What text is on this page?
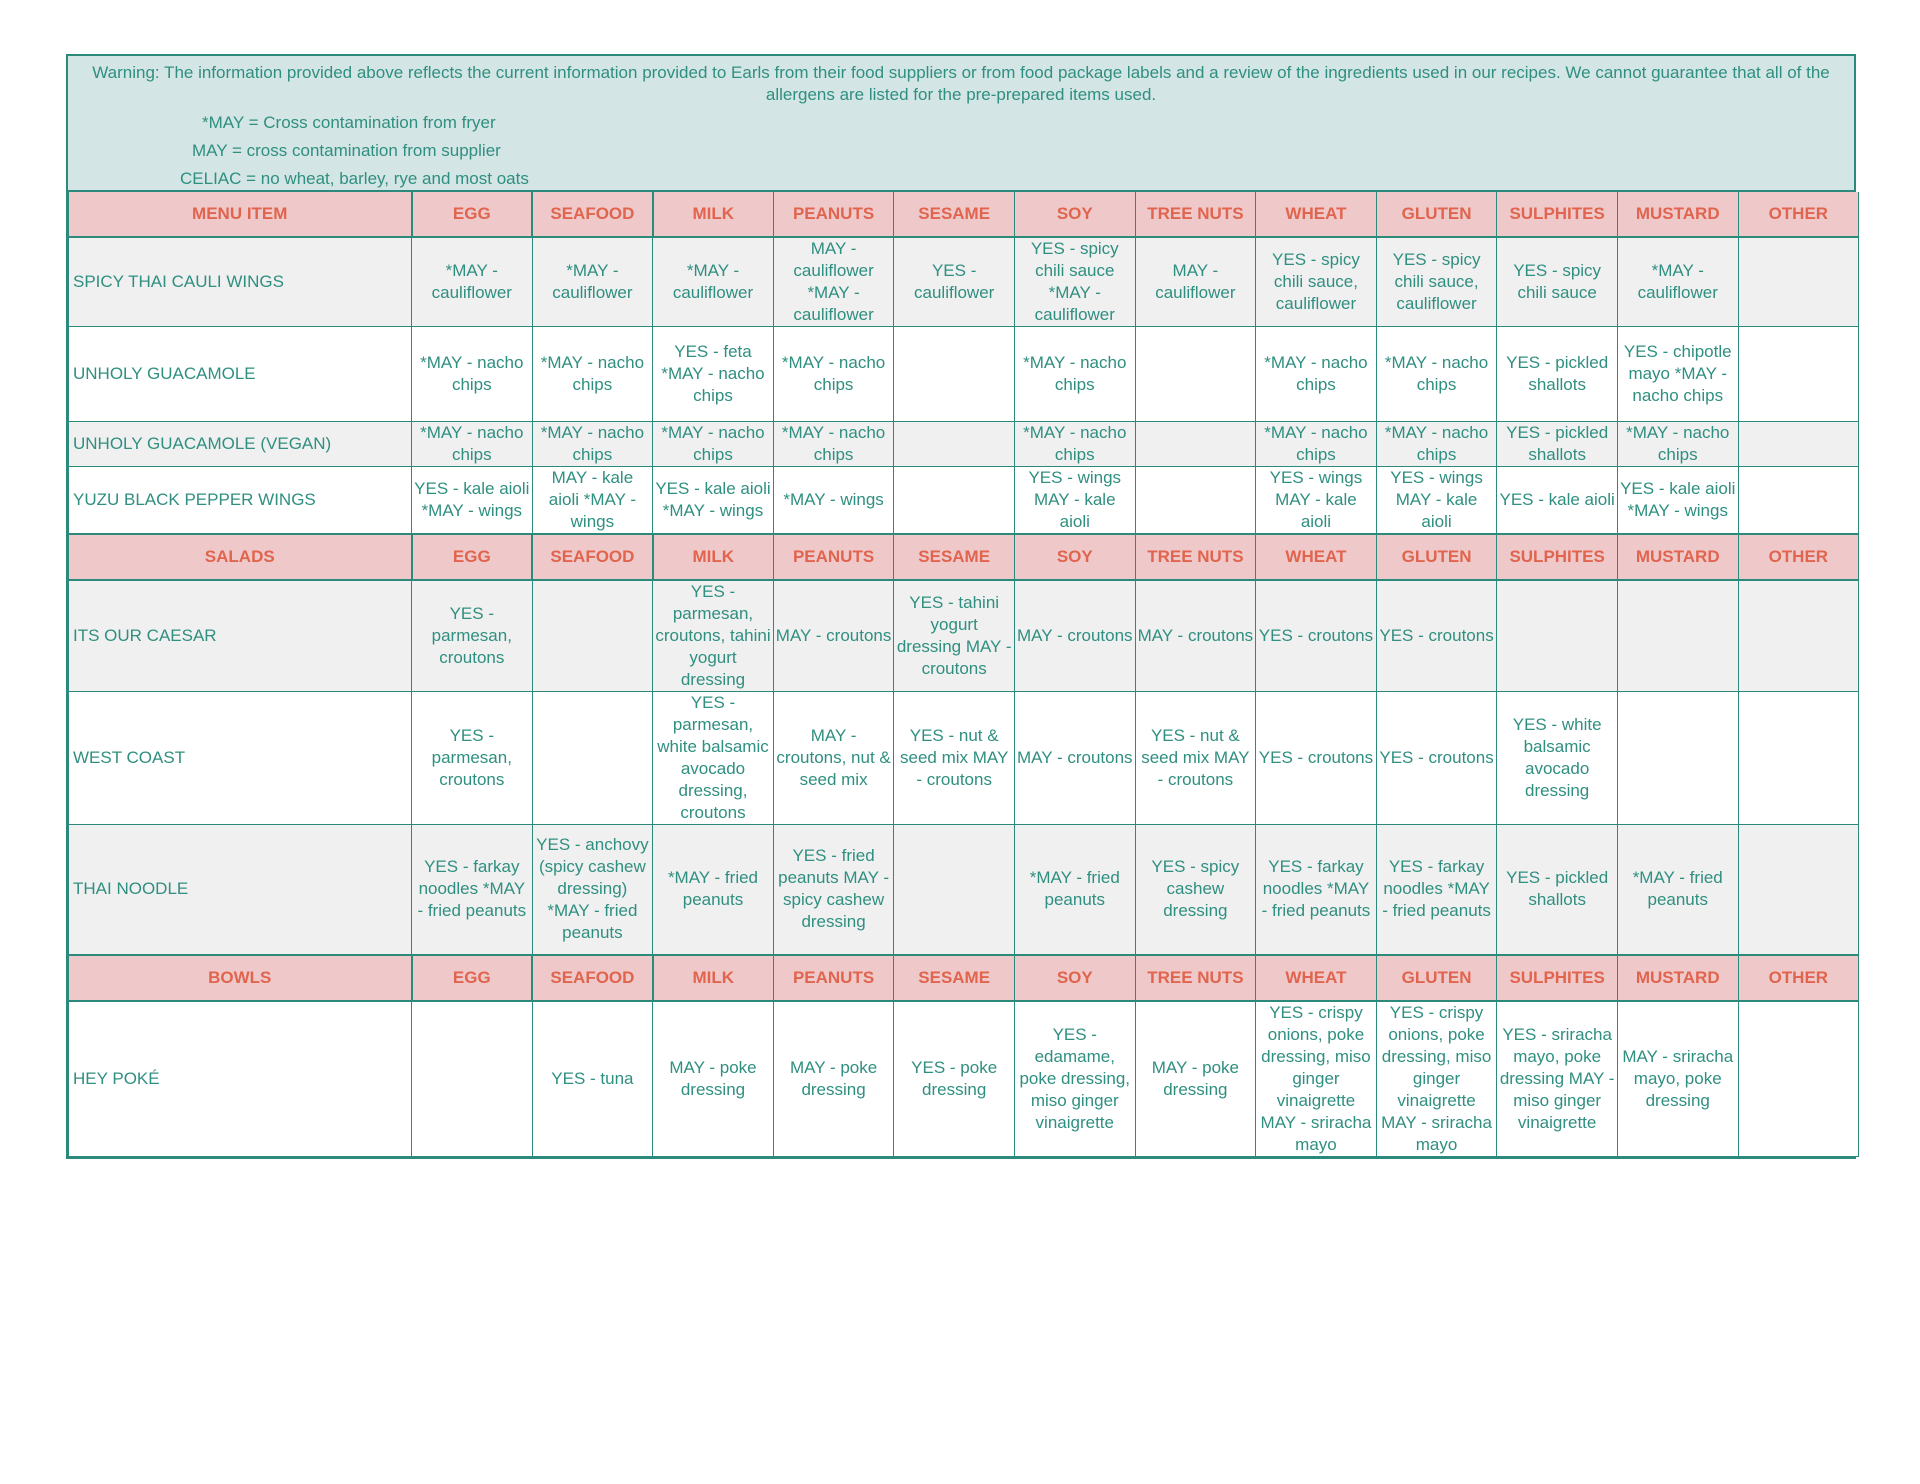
Warning: The information provided above reflects the current information provided to Earls from their food suppliers or from food package labels and a review of the ingredients used in our recipes. We cannot guarantee that all of the allergens are listed for the pre-prepared items used.
*MAY = Cross contamination from fryer
MAY = cross contamination from supplier
CELIAC = no wheat, barley, rye and most oats
MENU ITEM	EGG	SEAFOOD	MILK	PEANUTS	SESAME	SOY	TREE NUTS	WHEAT	GLUTEN	SULPHITES	MUSTARD	OTHER
SPICY THAI CAULI WINGS	*MAY - cauliflower	*MAY - cauliflower	*MAY - cauliflower	MAY - cauliflower *MAY - cauliflower	YES - cauliflower	YES - spicy chili sauce *MAY - cauliflower	MAY - cauliflower	YES - spicy chili sauce, cauliflower	YES - spicy chili sauce, cauliflower	YES - spicy chili sauce	*MAY - cauliflower	
UNHOLY GUACAMOLE	*MAY - nacho chips	*MAY - nacho chips	YES - feta *MAY - nacho chips	*MAY - nacho chips		*MAY - nacho chips		*MAY - nacho chips	*MAY - nacho chips	YES - pickled shallots	YES - chipotle mayo *MAY - nacho chips	
UNHOLY GUACAMOLE (VEGAN)	*MAY - nacho chips	*MAY - nacho chips	*MAY - nacho chips	*MAY - nacho chips		*MAY - nacho chips		*MAY - nacho chips	*MAY - nacho chips	YES - pickled shallots	*MAY - nacho chips	
YUZU BLACK PEPPER WINGS	YES - kale aioli *MAY - wings	MAY - kale aioli *MAY - wings	YES - kale aioli *MAY - wings	*MAY - wings		YES - wings MAY - kale aioli		YES - wings MAY - kale aioli	YES - wings MAY - kale aioli	YES - kale aioli	YES - kale aioli *MAY - wings	
SALADS	EGG	SEAFOOD	MILK	PEANUTS	SESAME	SOY	TREE NUTS	WHEAT	GLUTEN	SULPHITES	MUSTARD	OTHER
ITS OUR CAESAR	YES - parmesan, croutons		YES - parmesan, croutons, tahini yogurt dressing	MAY - croutons	YES - tahini yogurt dressing MAY - croutons	MAY - croutons	MAY - croutons	YES - croutons	YES - croutons			
WEST COAST	YES - parmesan, croutons		YES - parmesan, white balsamic avocado dressing, croutons	MAY - croutons, nut & seed mix	YES - nut & seed mix MAY - croutons	MAY - croutons	YES - nut & seed mix MAY - croutons	YES - croutons	YES - croutons	YES - white balsamic avocado dressing		
THAI NOODLE	YES - farkay noodles *MAY - fried peanuts	YES - anchovy (spicy cashew dressing) *MAY - fried peanuts	*MAY - fried peanuts	YES - fried peanuts MAY - spicy cashew dressing		*MAY - fried peanuts	YES - spicy cashew dressing	YES - farkay noodles *MAY - fried peanuts	YES - farkay noodles *MAY - fried peanuts	YES - pickled shallots	*MAY - fried peanuts	
BOWLS	EGG	SEAFOOD	MILK	PEANUTS	SESAME	SOY	TREE NUTS	WHEAT	GLUTEN	SULPHITES	MUSTARD	OTHER
HEY POKÉ		YES - tuna	MAY - poke dressing	MAY - poke dressing	YES - poke dressing	YES - edamame, poke dressing, miso ginger vinaigrette	MAY - poke dressing	YES - crispy onions, poke dressing, miso ginger vinaigrette MAY - sriracha mayo	YES - crispy onions, poke dressing, miso ginger vinaigrette MAY - sriracha mayo	YES - sriracha mayo, poke dressing MAY - miso ginger vinaigrette	MAY - sriracha mayo, poke dressing	
